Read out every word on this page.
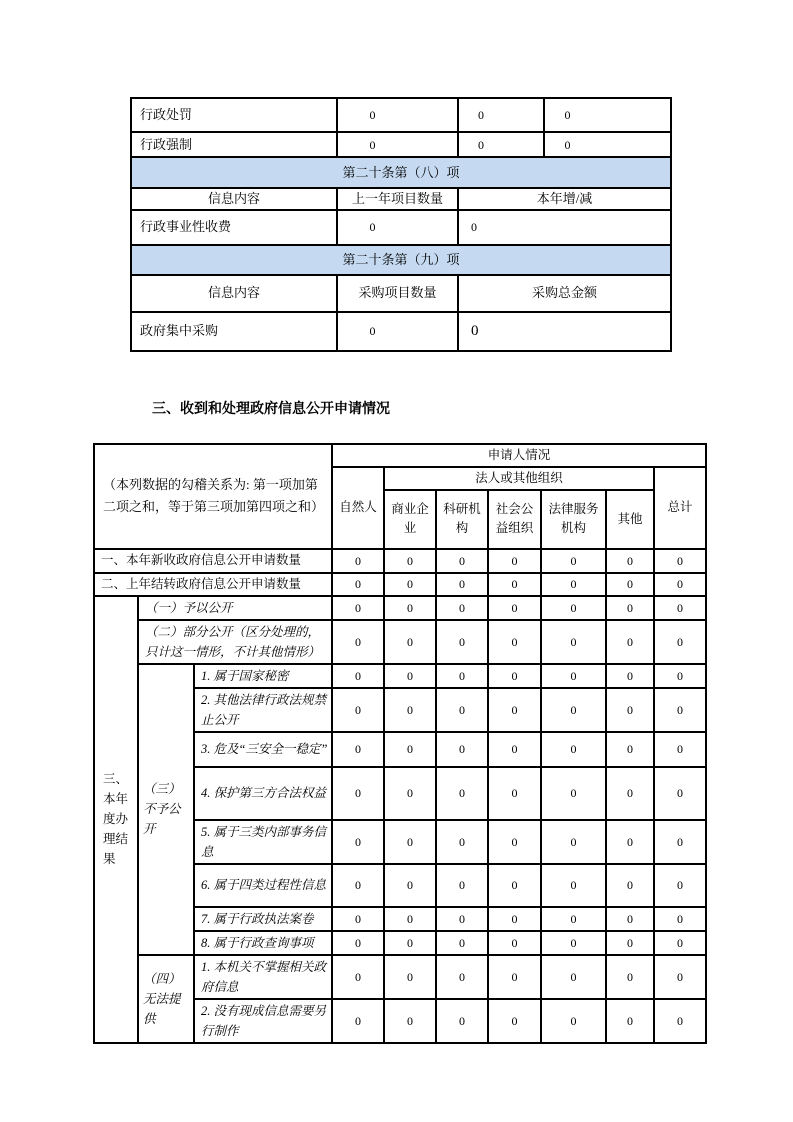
行政处罚	0	0	0
行政强制	0	0	0
第二十条第（八）项			
信息内容	上一年项目数量	本年增/减	
行政事业性收费	0	0	
第二十条第（九）项			
信息内容	采购项目数量	采购总金额	
政府集中采购	0	0	
三、收到和处理政府信息公开申请情况
（本列数据的勾稽关系为: 第一项加第二项之和，等于第三项加第四项之和）			申请人情况						
			自然人	法人或其他组织					总计
				商业企业	科研机构	社会公益组织	法律服务机构	其他	
一、本年新收政府信息公开申请数量			0	0	0	0	0	0	0
二、上年结转政府信息公开申请数量			0	0	0	0	0	0	0
三、本年度办理结果	（一）予以公开		0	0	0	0	0	0	0
	（二）部分公开（区分处理的，只计这一情形，不计其他情形）		0	0	0	0	0	0	0
	（三）不予公开	1. 属于国家秘密	0	0	0	0	0	0	0
		2. 其他法律行政法规禁止公开	0	0	0	0	0	0	0
		3. 危及“三安全一稳定”	0	0	0	0	0	0	0
		4. 保护第三方合法权益	0	0	0	0	0	0	0
		5. 属于三类内部事务信息	0	0	0	0	0	0	0
		6. 属于四类过程性信息	0	0	0	0	0	0	0
		7. 属于行政执法案卷	0	0	0	0	0	0	0
		8. 属于行政查询事项	0	0	0	0	0	0	0
	（四）无法提供	1. 本机关不掌握相关政府信息	0	0	0	0	0	0	0
		2. 没有现成信息需要另行制作	0	0	0	0	0	0	0
